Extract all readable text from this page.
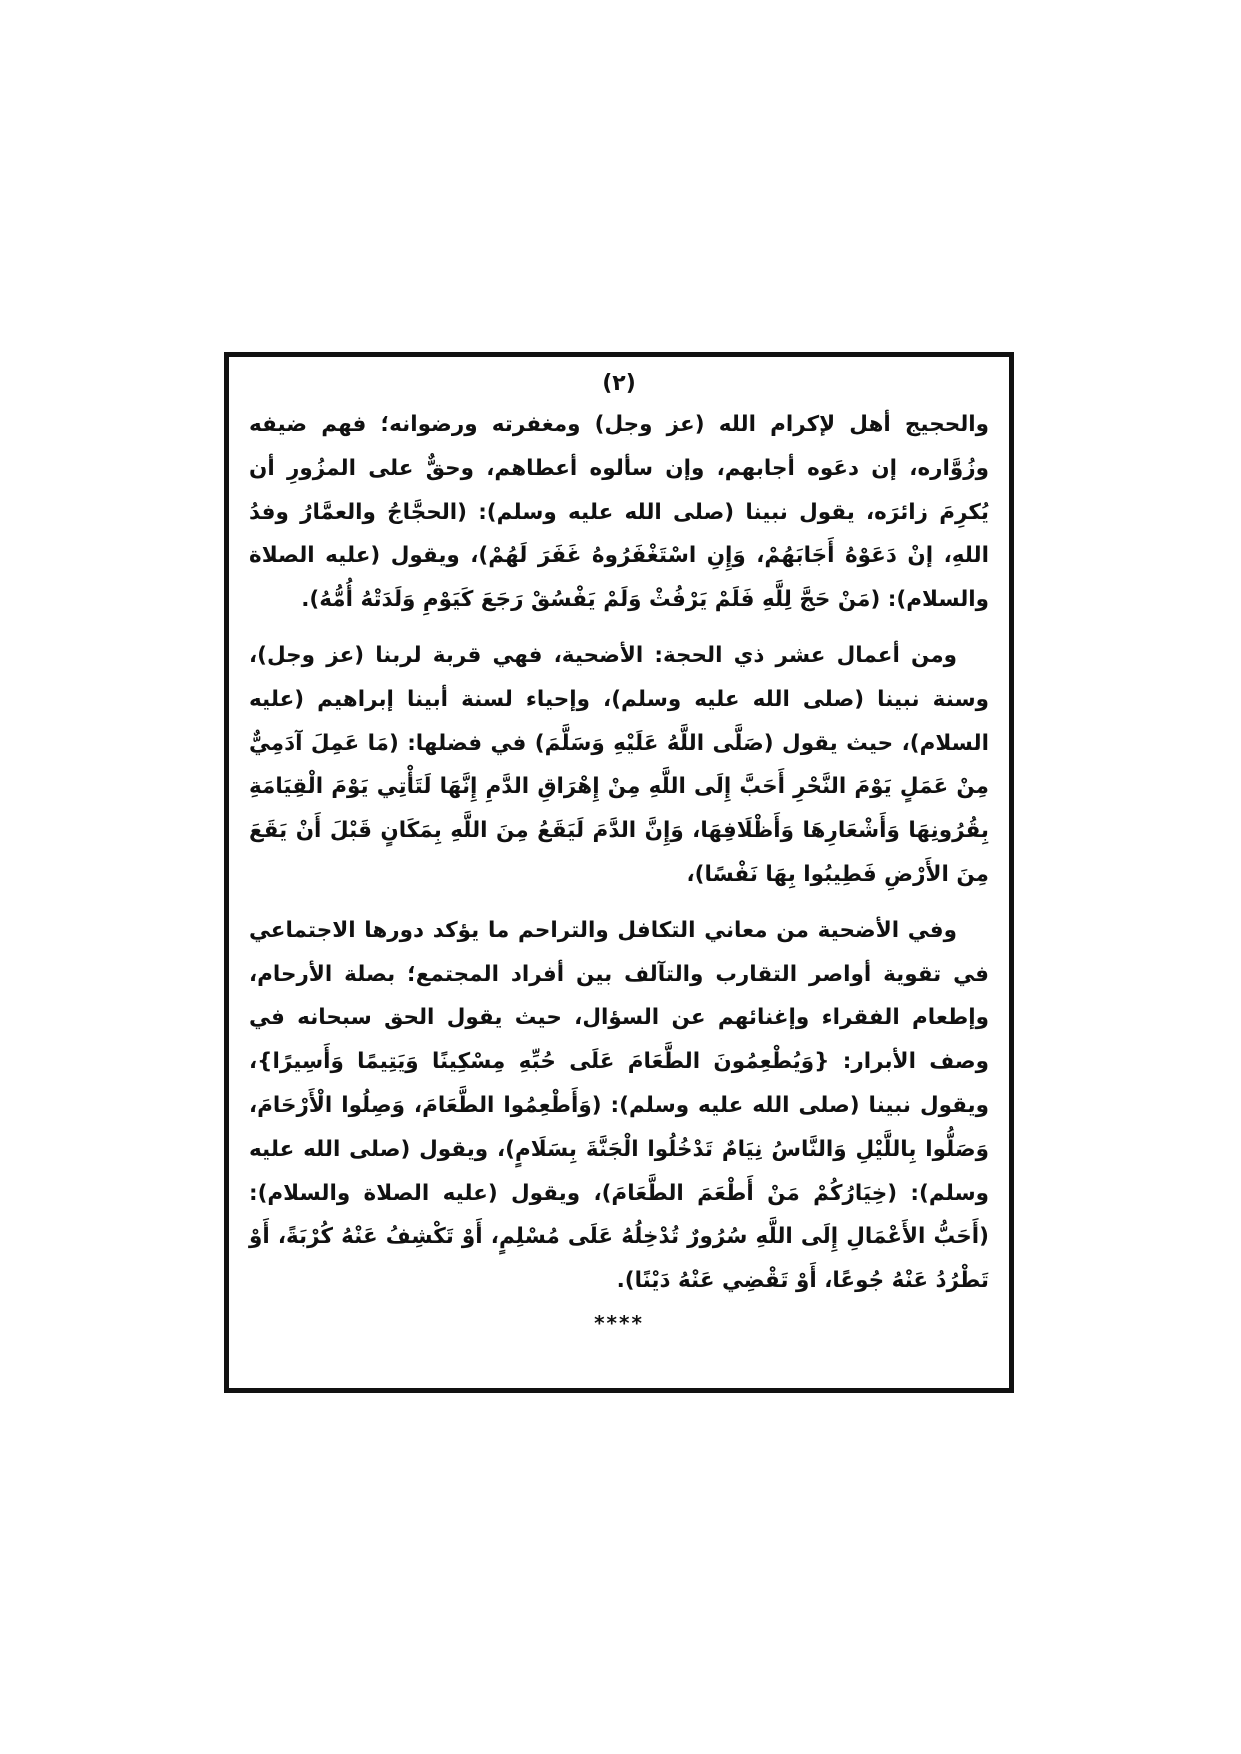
(٢)

والحجيج أهل لإكرام الله (عز وجل) ومغفرته ورضوانه؛ فهم ضيفه وزُوَّاره، إن دعَوه أجابهم، وإن سألوه أعطاهم، وحقٌّ على المزُورِ أن يُكرِمَ زائرَه، يقول نبينا (صلى الله عليه وسلم): (الحجَّاجُ والعمَّارُ وفدُ اللهِ، إنْ دَعَوْهُ أَجَابَهُمْ، وَإِنِ اسْتَغْفَرُوهُ غَفَرَ لَهُمْ)، ويقول (عليه الصلاة والسلام): (مَنْ حَجَّ لِلَّهِ فَلَمْ يَرْفُثْ وَلَمْ يَفْسُقْ رَجَعَ كَيَوْمِ وَلَدَتْهُ أُمُّهُ).

ومن أعمال عشر ذي الحجة: الأضحية، فهي قربة لربنا (عز وجل)، وسنة نبينا (صلى الله عليه وسلم)، وإحياء لسنة أبينا إبراهيم (عليه السلام)، حيث يقول (صَلَّى اللَّهُ عَلَيْهِ وَسَلَّمَ) في فضلها: (مَا عَمِلَ آدَمِيٌّ مِنْ عَمَلٍ يَوْمَ النَّحْرِ أَحَبَّ إِلَى اللَّهِ مِنْ إِهْرَاقِ الدَّمِ إِنَّهَا لَتَأْتِي يَوْمَ الْقِيَامَةِ بِقُرُونِهَا وَأَشْعَارِهَا وَأَظْلَافِهَا، وَإِنَّ الدَّمَ لَيَقَعُ مِنَ اللَّهِ بِمَكَانٍ قَبْلَ أَنْ يَقَعَ مِنَ الأَرْضِ فَطِيبُوا بِهَا نَفْسًا)،

وفي الأضحية من معاني التكافل والتراحم ما يؤكد دورها الاجتماعي في تقوية أواصر التقارب والتآلف بين أفراد المجتمع؛ بصلة الأرحام، وإطعام الفقراء وإغنائهم عن السؤال، حيث يقول الحق سبحانه في وصف الأبرار: {وَيُطْعِمُونَ الطَّعَامَ عَلَى حُبِّهِ مِسْكِينًا وَيَتِيمًا وَأَسِيرًا}، ويقول نبينا (صلى الله عليه وسلم): (وَأَطْعِمُوا الطَّعَامَ، وَصِلُوا الْأَرْحَامَ، وَصَلُّوا بِاللَّيْلِ وَالنَّاسُ نِيَامٌ تَدْخُلُوا الْجَنَّةَ بِسَلَامٍ)، ويقول (صلى الله عليه وسلم): (خِيَارُكُمْ مَنْ أَطْعَمَ الطَّعَامَ)، ويقول (عليه الصلاة والسلام): (أَحَبُّ الأَعْمَالِ إِلَى اللَّهِ سُرُورٌ تُدْخِلُهُ عَلَى مُسْلِمٍ، أَوْ تَكْشِفُ عَنْهُ كُرْبَةً، أَوْ تَطْرُدُ عَنْهُ جُوعًا، أَوْ تَقْضِي عَنْهُ دَيْنًا).

****
